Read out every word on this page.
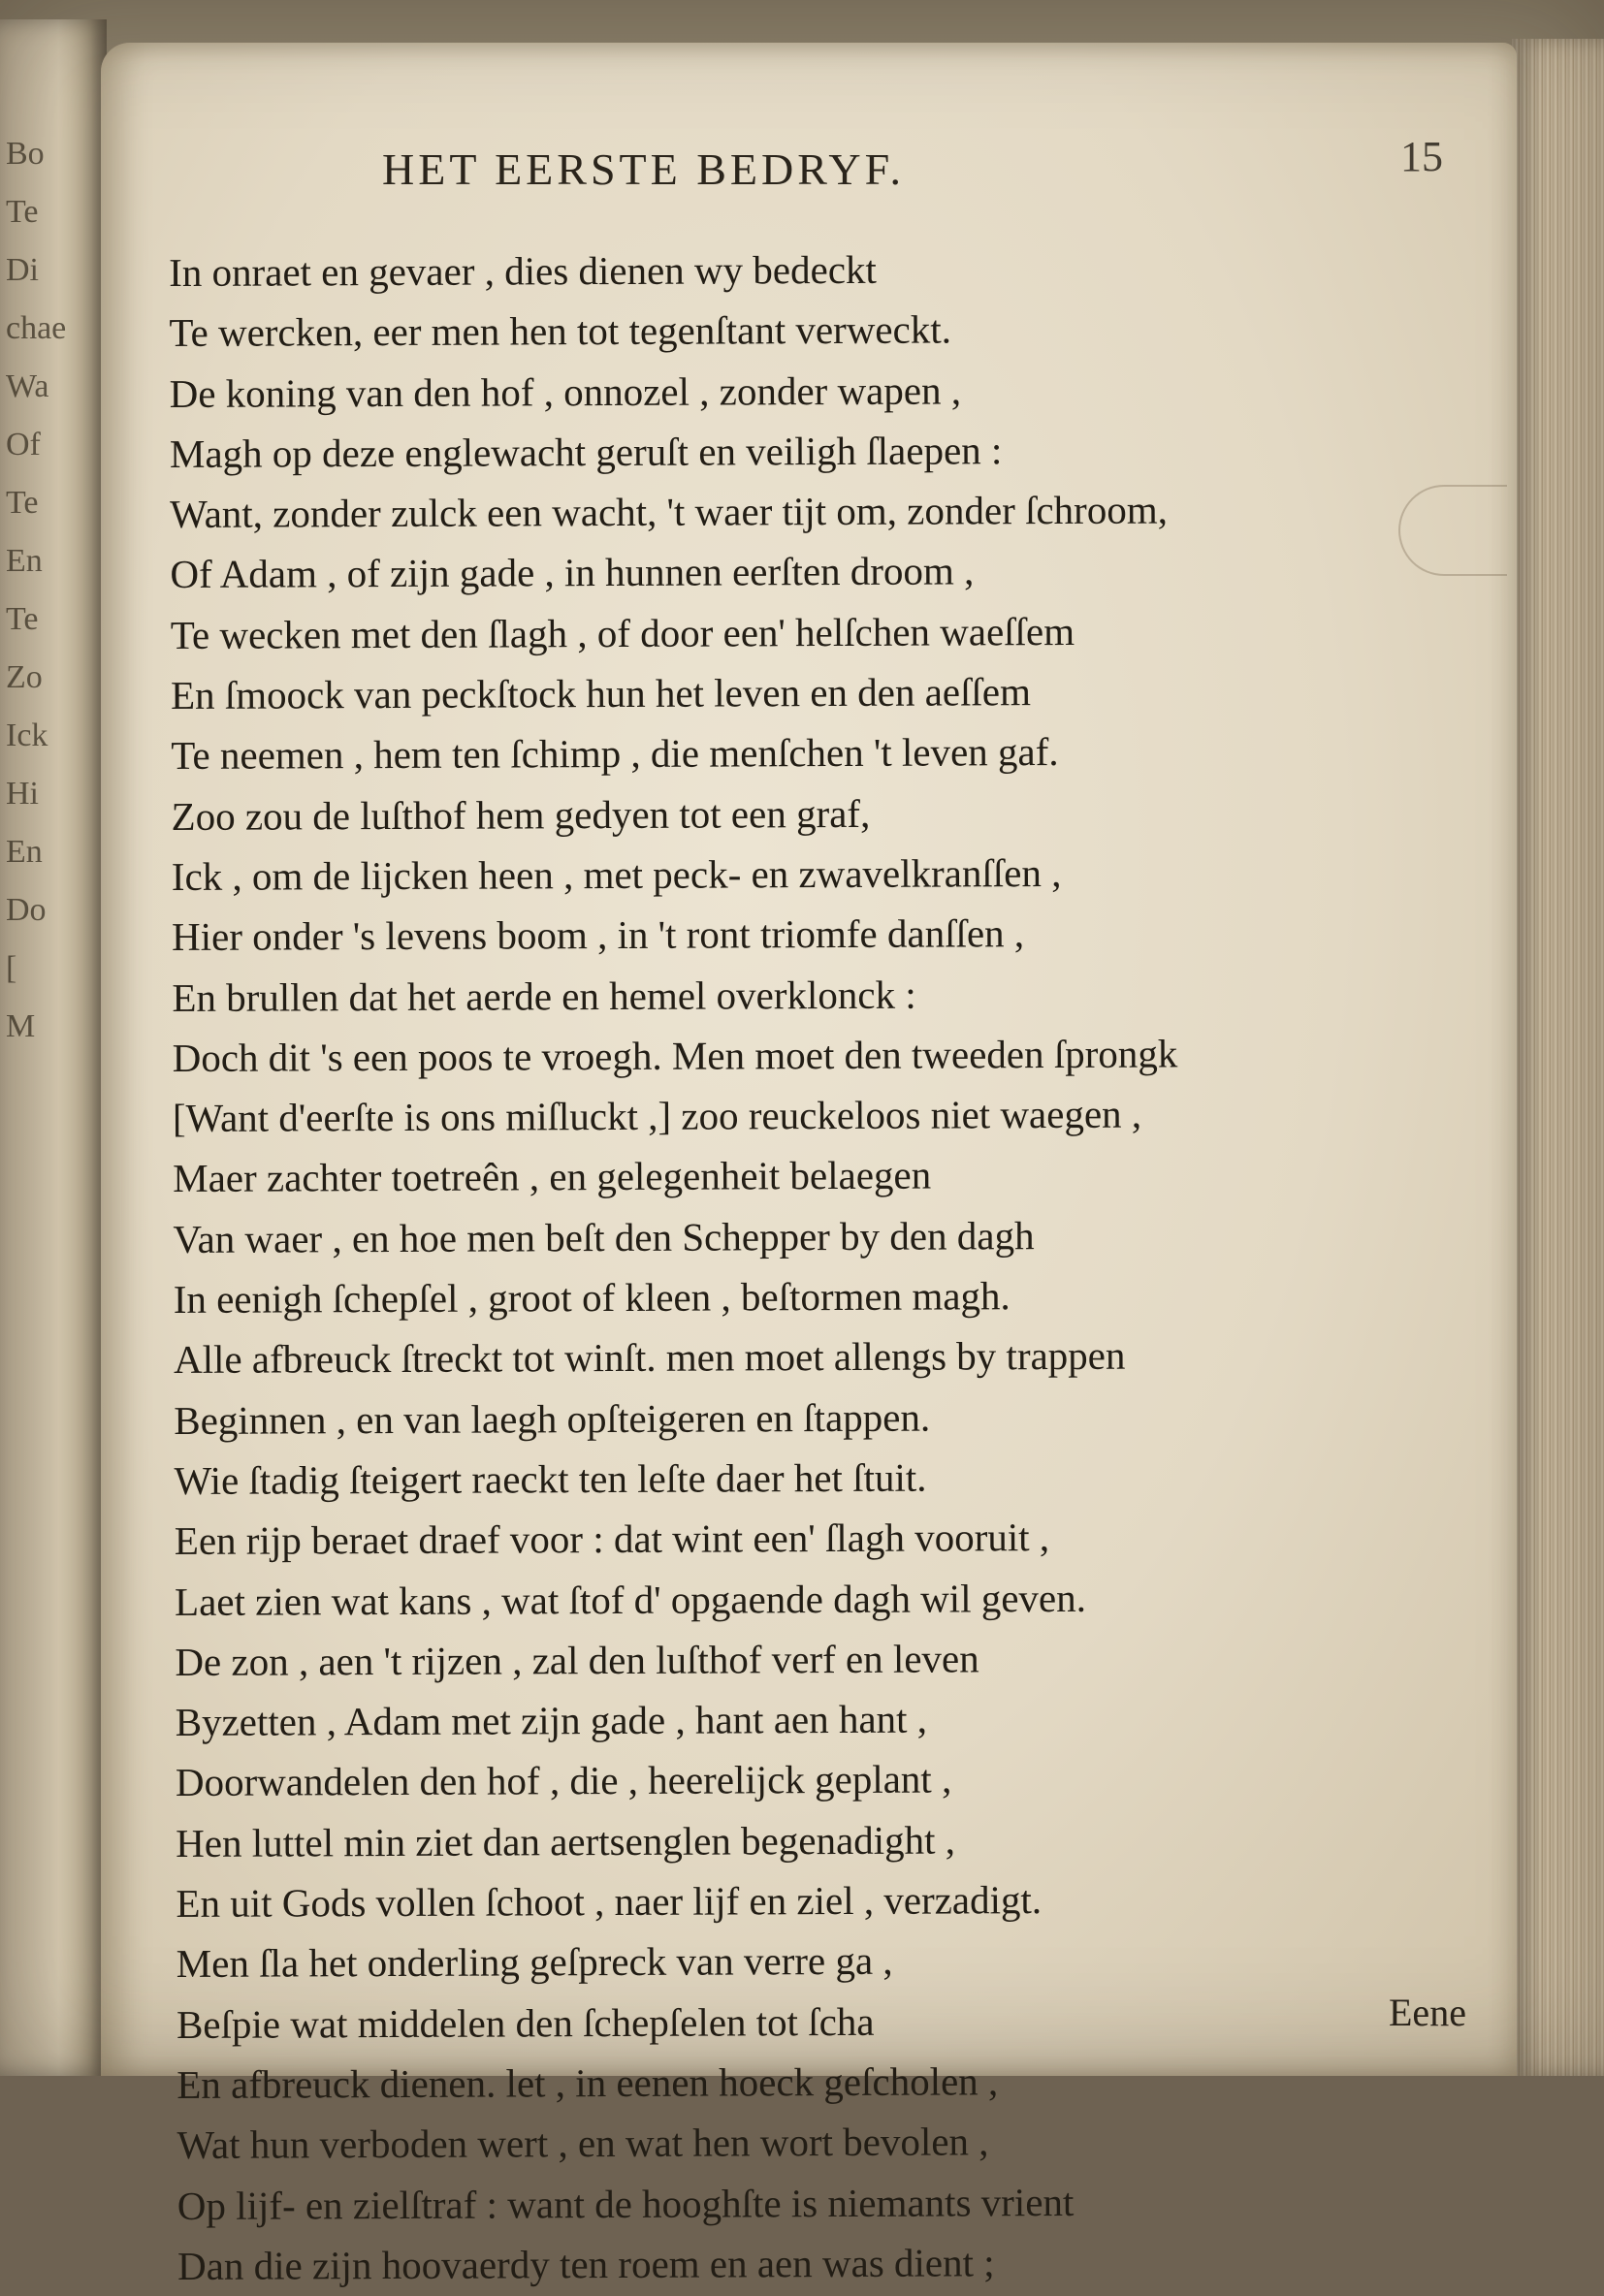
Bo
Te
Di
chae
Wa
Of
Te
En
Te
Zo
Ick
Hi
En
Do
[
M
HET EERSTE BEDRYF.	15
In onraet en gevaer , dies dienen wy bedeckt
Te wercken, eer men hen tot tegenſtant verweckt.
De koning van den hof , onnozel , zonder wapen ,
Magh op deze englewacht geruſt en veiligh ſlaepen :
Want, zonder zulck een wacht, 't waer tijt om, zonder ſchroom,
Of Adam , of zijn gade , in hunnen eerſten droom ,
Te wecken met den ſlagh , of door een' helſchen waeſſem
En ſmoock van peckſtock hun het leven en den aeſſem
Te neemen , hem ten ſchimp , die menſchen 't leven gaf.
Zoo zou de luſthof hem gedyen tot een graf,
Ick , om de lijcken heen , met peck- en zwavelkranſſen ,
Hier onder 's levens boom , in 't ront triomfe danſſen ,
En brullen dat het aerde en hemel overklonck :
Doch dit 's een poos te vroegh. Men moet den tweeden ſprongk
[Want d'eerſte is ons miſluckt ,] zoo reuckeloos niet waegen ,
Maer zachter toetreên , en gelegenheit belaegen
Van waer , en hoe men beſt den Schepper by den dagh
In eenigh ſchepſel , groot of kleen , beſtormen magh.
Alle afbreuck ſtreckt tot winſt. men moet allengs by trappen
Beginnen , en van laegh opſteigeren en ſtappen.
Wie ſtadig ſteigert raeckt ten leſte daer het ſtuit.
Een rijp beraet draef voor : dat wint een' ſlagh vooruit ,
Laet zien wat kans , wat ſtof d' opgaende dagh wil geven.
De zon , aen 't rijzen , zal den luſthof verf en leven
Byzetten , Adam met zijn gade , hant aen hant ,
Doorwandelen den hof , die , heerelijck geplant ,
Hen luttel min ziet dan aertsenglen begenadight ,
En uit Gods vollen ſchoot , naer lijf en ziel , verzadigt.
Men ſla het onderling geſpreck van verre ga ,
Beſpie wat middelen den ſchepſelen tot ſcha
En afbreuck dienen. let , in eenen hoeck geſcholen ,
Wat hun verboden wert , en wat hen wort bevolen ,
Op lijf- en zielſtraf : want de hooghſte is niemants vrient
Dan die zijn hoovaerdy ten roem en aen was dient ;
Eene
